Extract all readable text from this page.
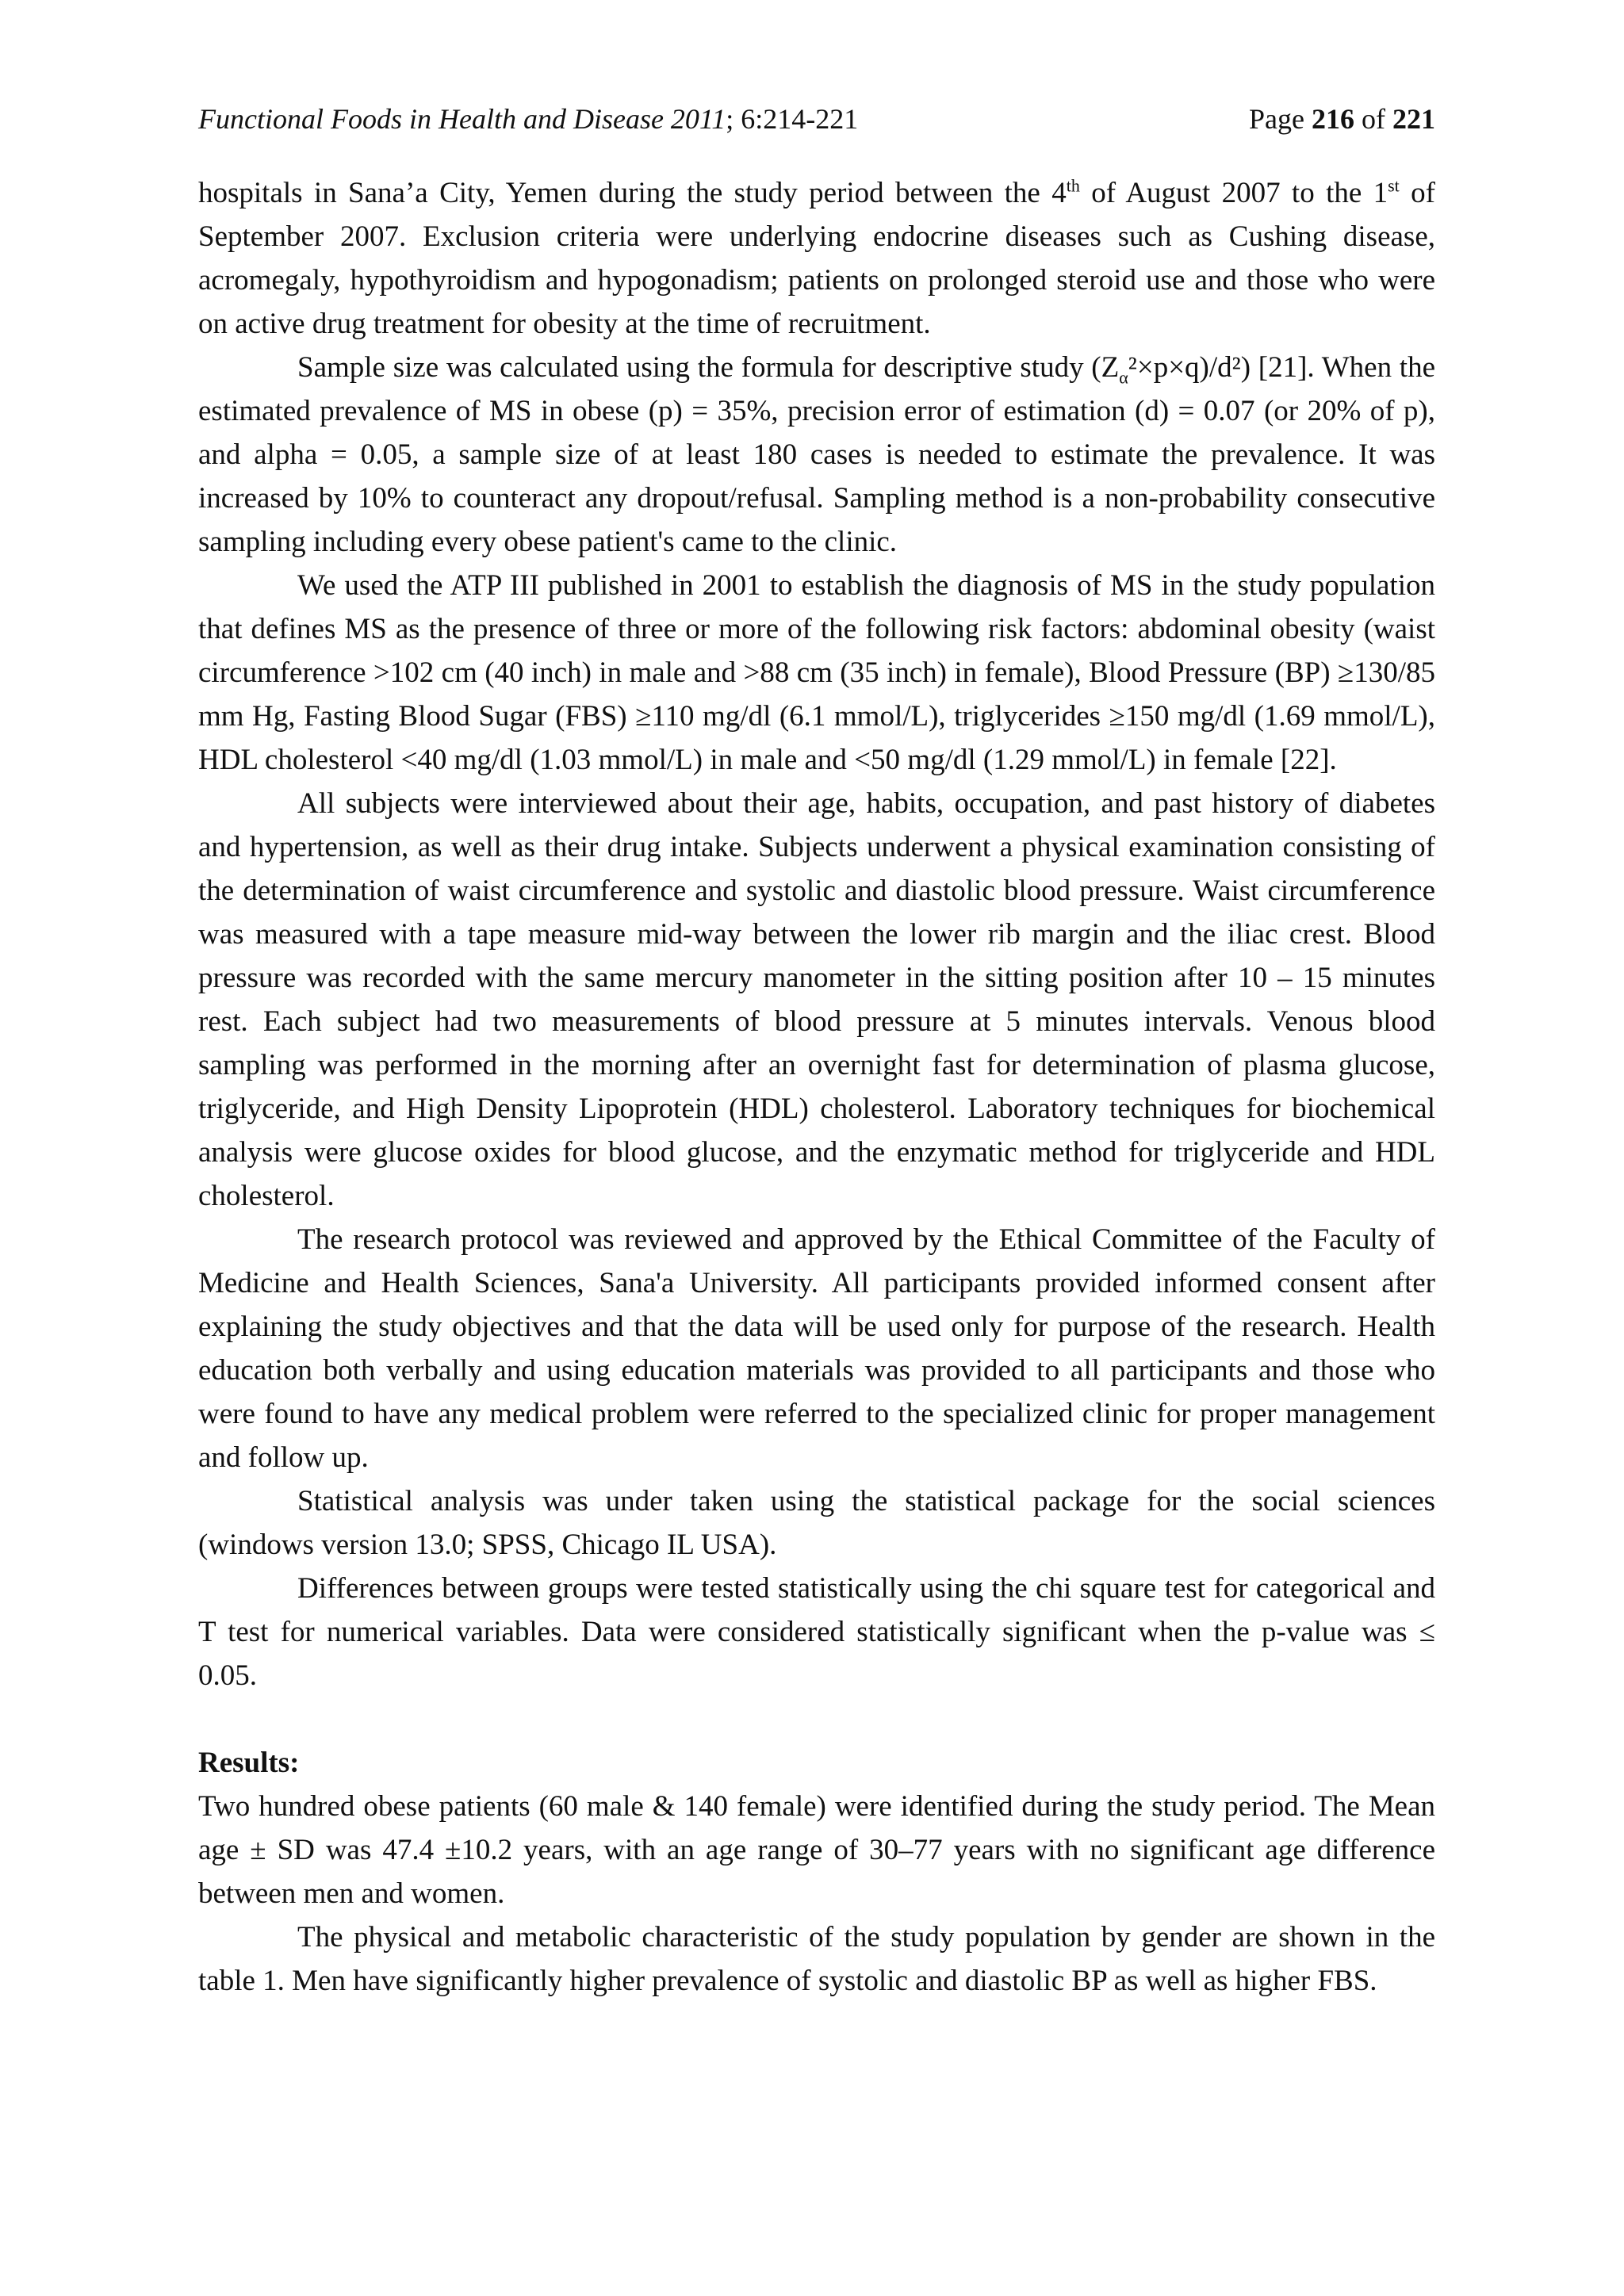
Functional Foods in Health and Disease 2011; 6:214-221	Page 216 of 221

hospitals in Sana’a City, Yemen during the study period between the 4th of August 2007 to the 1st of September 2007. Exclusion criteria were underlying endocrine diseases such as Cushing disease, acromegaly, hypothyroidism and hypogonadism; patients on prolonged steroid use and those who were on active drug treatment for obesity at the time of recruitment.

Sample size was calculated using the formula for descriptive study $(Z_\alpha^2\times p\times q)/d^2$) [21]. When the estimated prevalence of MS in obese (p) = 35%, precision error of estimation (d) = 0.07 (or 20% of p), and alpha = 0.05, a sample size of at least 180 cases is needed to estimate the prevalence. It was increased by 10% to counteract any dropout/refusal. Sampling method is a non-probability consecutive sampling including every obese patient's came to the clinic.

We used the ATP III published in 2001 to establish the diagnosis of MS in the study population that defines MS as the presence of three or more of the following risk factors: abdominal obesity (waist circumference >102 cm (40 inch) in male and >88 cm (35 inch) in female), Blood Pressure (BP) ≥130/85 mm Hg, Fasting Blood Sugar (FBS) ≥110 mg/dl (6.1 mmol/L), triglycerides ≥150 mg/dl (1.69 mmol/L), HDL cholesterol <40 mg/dl (1.03 mmol/L) in male and <50 mg/dl (1.29 mmol/L) in female [22].

All subjects were interviewed about their age, habits, occupation, and past history of diabetes and hypertension, as well as their drug intake. Subjects underwent a physical examination consisting of the determination of waist circumference and systolic and diastolic blood pressure. Waist circumference was measured with a tape measure mid-way between the lower rib margin and the iliac crest. Blood pressure was recorded with the same mercury manometer in the sitting position after 10 – 15 minutes rest. Each subject had two measurements of blood pressure at 5 minutes intervals. Venous blood sampling was performed in the morning after an overnight fast for determination of plasma glucose, triglyceride, and High Density Lipoprotein (HDL) cholesterol. Laboratory techniques for biochemical analysis were glucose oxides for blood glucose, and the enzymatic method for triglyceride and HDL cholesterol.

The research protocol was reviewed and approved by the Ethical Committee of the Faculty of Medicine and Health Sciences, Sana'a University. All participants provided informed consent after explaining the study objectives and that the data will be used only for purpose of the research. Health education both verbally and using education materials was provided to all participants and those who were found to have any medical problem were referred to the specialized clinic for proper management and follow up.

Statistical analysis was under taken using the statistical package for the social sciences (windows version 13.0; SPSS, Chicago IL USA).

Differences between groups were tested statistically using the chi square test for categorical and T test for numerical variables. Data were considered statistically significant when the p-value was ≤ 0.05.

Results:

Two hundred obese patients (60 male & 140 female) were identified during the study period. The Mean age ± SD was 47.4 ±10.2 years, with an age range of 30–77 years with no significant age difference between men and women.

The physical and metabolic characteristic of the study population by gender are shown in the table 1. Men have significantly higher prevalence of systolic and diastolic BP as well as higher FBS.
